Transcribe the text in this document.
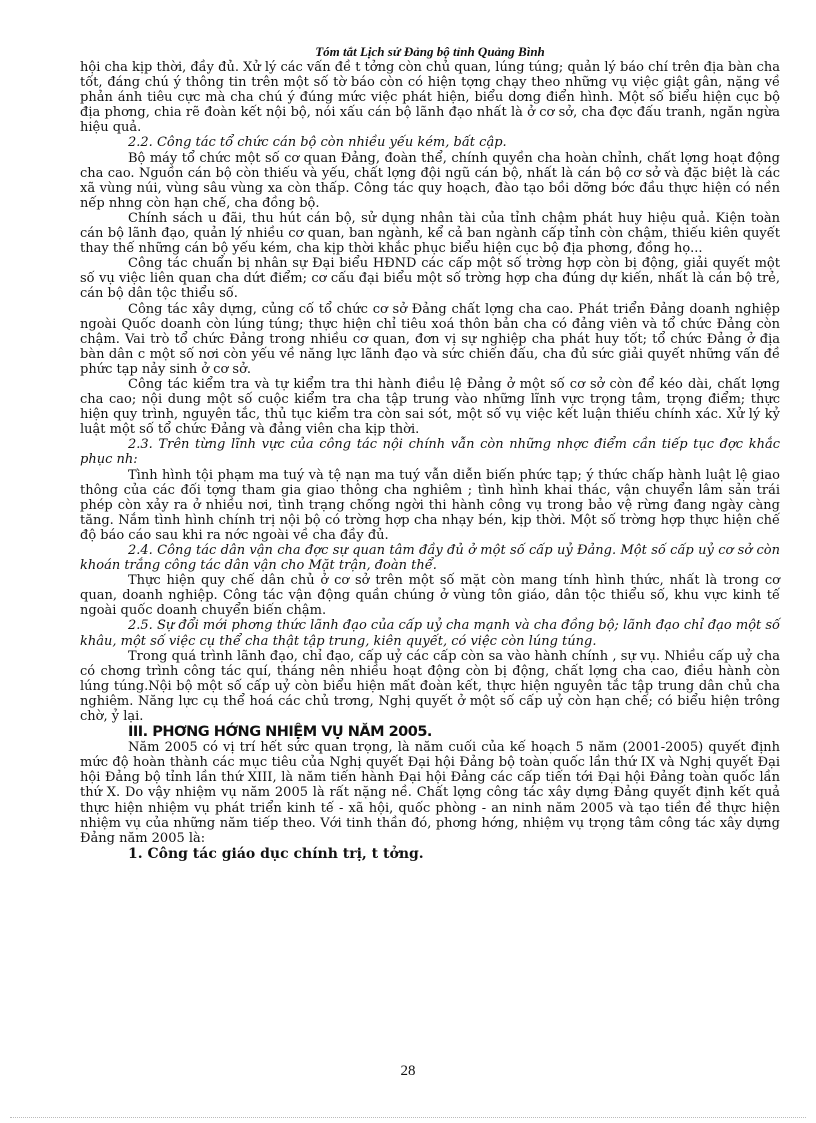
Tóm tắt Lịch sử Đảng bộ tỉnh Quảng Bình

hội cha kịp thời, đầy đủ. Xử lý các vấn đề t tởng còn chủ quan, lúng túng; quản lý báo chí trên địa bàn cha tốt, đáng chú ý thông tin trên một số tờ báo còn có hiện tợng chạy theo những vụ việc giật gân, nặng về phản ánh tiêu cực mà cha chú ý đúng mức việc phát hiện, biểu dơng điển hình. Một số biểu hiện cục bộ địa phơng, chia rẽ đoàn kết nội bộ, nói xấu cán bộ lãnh đạo nhất là ở cơ sở, cha đợc đấu tranh, ngăn ngừa hiệu quả.

2.2. Công tác tổ chức cán bộ còn nhiều yếu kém, bất cập.

Bộ máy tổ chức một số cơ quan Đảng, đoàn thể, chính quyền cha hoàn chỉnh, chất lợng hoạt động cha cao. Nguồn cán bộ còn thiếu và yếu, chất lợng đội ngũ cán bộ, nhất là cán bộ cơ sở và đặc biệt là các xã vùng núi, vùng sâu vùng xa còn thấp. Công tác quy hoạch, đào tạo bồi dỡng bớc đầu thực hiện có nền nếp nhng còn hạn chế, cha đồng bộ.

Chính sách u đãi, thu hút cán bộ, sử dụng nhân tài của tỉnh chậm phát huy hiệu quả. Kiện toàn cán bộ lãnh đạo, quản lý nhiều cơ quan, ban ngành, kể cả ban ngành cấp tỉnh còn chậm, thiếu kiên quyết thay thế những cán bộ yếu kém, cha kịp thời khắc phục biểu hiện cục bộ địa phơng, đồng họ...

Công tác chuẩn bị nhân sự Đại biểu HĐND các cấp một số trờng hợp còn bị động, giải quyết một số vụ việc liên quan cha dứt điểm; cơ cấu đại biểu một số trờng hợp cha đúng dự kiến, nhất là cán bộ trẻ, cán bộ dân tộc thiểu số.

Công tác xây dựng, củng cố tổ chức cơ sở Đảng chất lợng cha cao. Phát triển Đảng doanh nghiệp ngoài Quốc doanh còn lúng túng; thực hiện chỉ tiêu xoá thôn bản cha có đảng viên và tổ chức Đảng còn chậm. Vai trò tổ chức Đảng trong nhiều cơ quan, đơn vị sự nghiệp cha phát huy tốt; tổ chức Đảng ở địa bàn dân c một số nơi còn yếu về năng lực lãnh đạo và sức chiến đấu, cha đủ sức giải quyết những vấn đề phức tạp nảy sinh ở cơ sở.

Công tác kiểm tra và tự kiểm tra thi hành điều lệ Đảng ở một số cơ sở còn để kéo dài, chất lợng cha cao; nội dung một số cuộc kiểm tra cha tập trung vào những lĩnh vực trọng tâm, trọng điểm; thực hiện quy trình, nguyên tắc, thủ tục kiểm tra còn sai sót, một số vụ việc kết luận thiếu chính xác. Xử lý kỷ luật một số tổ chức Đảng và đảng viên cha kịp thời.

2.3. Trên từng lĩnh vực của công tác nội chính vẫn còn những nhợc điểm cần tiếp tục đợc khắc phục nh:

Tình hình tội phạm ma tuý và tệ nạn ma tuý vẫn diễn biến phức tạp; ý thức chấp hành luật lệ giao thông của các đối tợng tham gia giao thông cha nghiêm ; tình hình khai thác, vận chuyển lâm sản trái phép còn xảy ra ở nhiều nơi, tình trạng chống ngời thi hành công vụ trong bảo vệ rừng đang ngày càng tăng. Nắm tình hình chính trị nội bộ có trờng hợp cha nhạy bén, kịp thời. Một số trờng hợp thực hiện chế độ báo cáo sau khi ra nớc ngoài về cha đầy đủ.

2.4. Công tác dân vận cha đợc sự quan tâm đầy đủ ở một số cấp uỷ Đảng. Một số cấp uỷ cơ sở còn khoán trắng công tác dân vận cho Mặt trận, đoàn thể.

Thực hiện quy chế dân chủ ở cơ sở trên một số mặt còn mang tính hình thức, nhất là trong cơ quan, doanh nghiệp. Công tác vận động quần chúng ở vùng tôn giáo, dân tộc thiểu số, khu vực kinh tế ngoài quốc doanh chuyển biến chậm.

2.5. Sự đổi mới phơng thức lãnh đạo của cấp uỷ cha mạnh và cha đồng bộ; lãnh đạo chỉ đạo một số khâu, một số việc cụ thể cha thật tập trung, kiên quyết, có việc còn lúng túng.

Trong quá trình lãnh đạo, chỉ đạo, cấp uỷ các cấp còn sa vào hành chính , sự vụ. Nhiều cấp uỷ cha có chơng trình công tác quí, tháng nên nhiều hoạt động còn bị động, chất lợng cha cao, điều hành còn lúng túng.Nội bộ một số cấp uỷ còn biểu hiện mất đoàn kết, thực hiện nguyên tắc tập trung dân chủ cha nghiêm. Năng lực cụ thể hoá các chủ trơng, Nghị quyết ở một số cấp uỷ còn hạn chế; có biểu hiện trông chờ, ỷ lại.

III. PHƠNG HỚNG NHIỆM VỤ NĂM 2005.

Năm 2005 có vị trí hết sức quan trọng, là năm cuối của kế hoạch 5 năm (2001-2005) quyết định mức độ hoàn thành các mục tiêu của Nghị quyết Đại hội Đảng bộ toàn quốc lần thứ IX và Nghị quyết Đại hội Đảng bộ tỉnh lần thứ XIII, là năm tiến hành Đại hội Đảng các cấp tiến tới Đại hội Đảng toàn quốc lần thứ X. Do vậy nhiệm vụ năm 2005 là rất nặng nề. Chất lợng công tác xây dựng Đảng quyết định kết quả thực hiện nhiệm vụ phát triển kinh tế - xã hội, quốc phòng - an ninh năm 2005 và tạo tiền đề thực hiện nhiệm vụ của những năm tiếp theo. Với tinh thần đó, phơng hớng, nhiệm vụ trọng tâm công tác xây dựng Đảng năm 2005 là:

1. Công tác giáo dục chính trị, t tởng.

28
